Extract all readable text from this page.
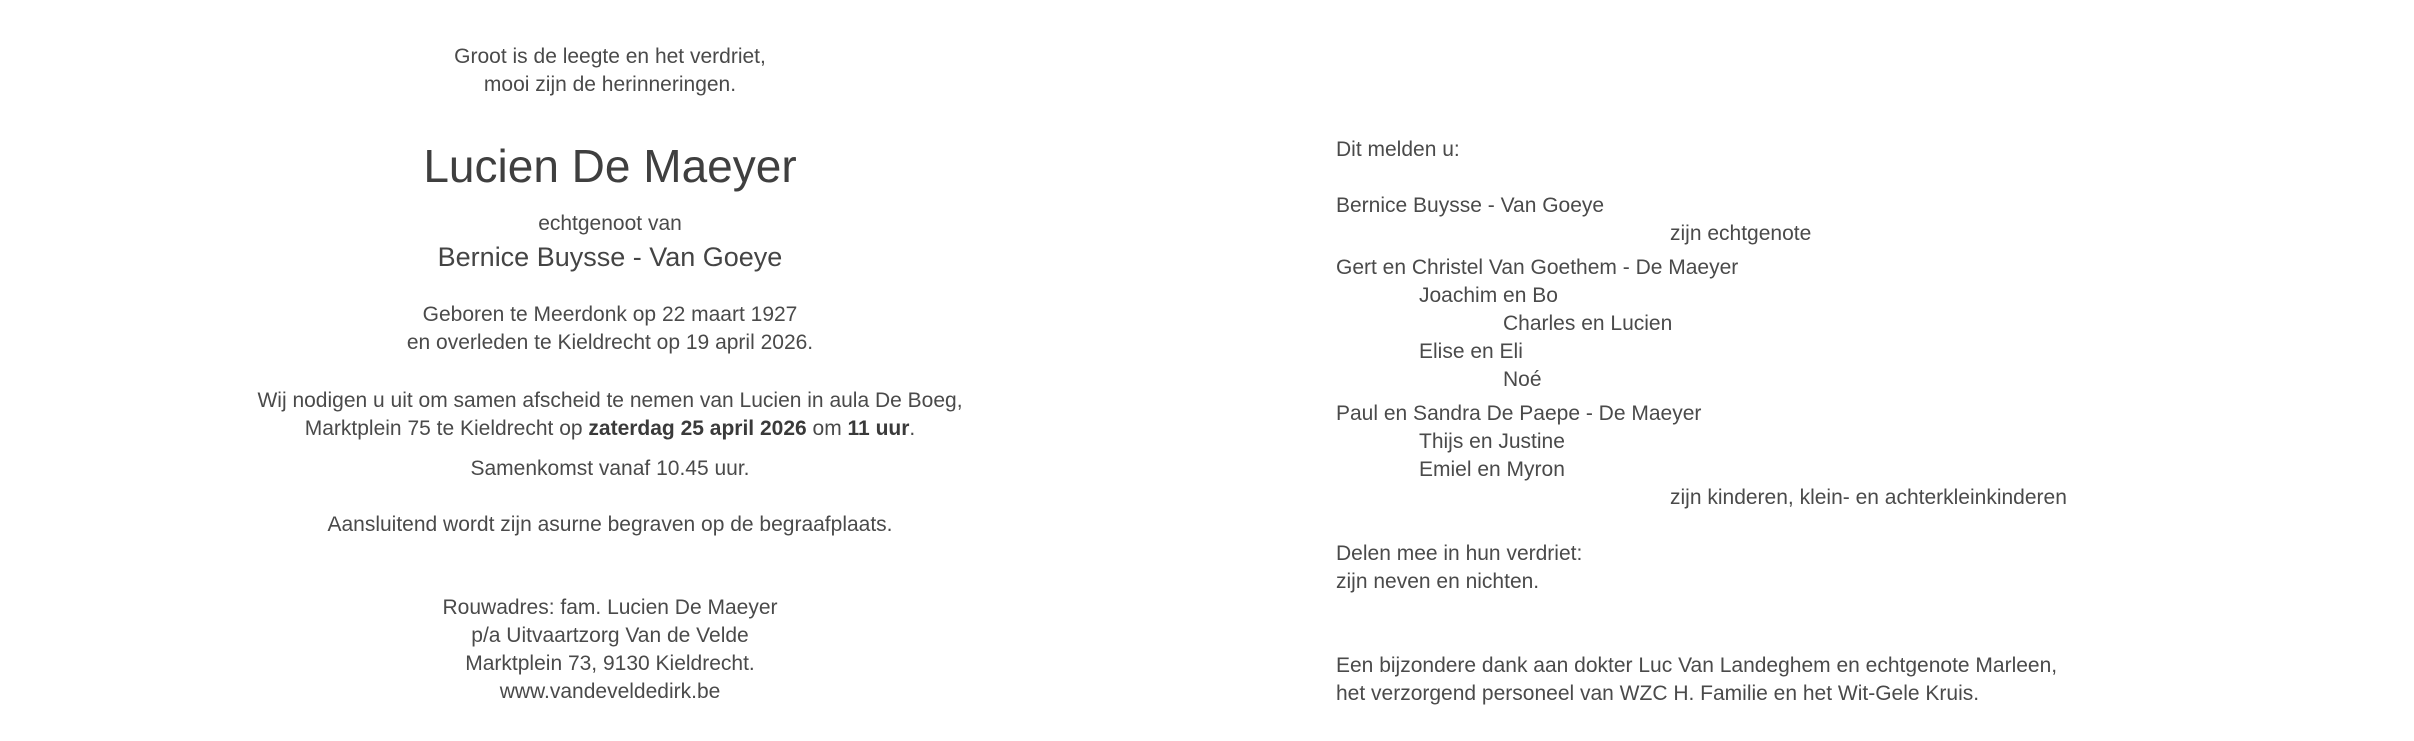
Groot is de leegte en het verdriet,
mooi zijn de herinneringen.
Lucien De Maeyer
echtgenoot van
Bernice Buysse - Van Goeye
Geboren te Meerdonk op 22 maart 1927
en overleden te Kieldrecht op 19 april 2026.
Wij nodigen u uit om samen afscheid te nemen van Lucien in aula De Boeg,
Marktplein 75 te Kieldrecht op zaterdag 25 april 2026 om 11 uur.
Samenkomst vanaf 10.45 uur.
Aansluitend wordt zijn asurne begraven op de begraafplaats.
Rouwadres: fam. Lucien De Maeyer
p/a Uitvaartzorg Van de Velde
Marktplein 73, 9130 Kieldrecht.
www.vandeveldedirk.be
Dit melden u:
Bernice Buysse - Van Goeye
zijn echtgenote
Gert en Christel Van Goethem - De Maeyer
Joachim en Bo
Charles en Lucien
Elise en Eli
Noé
Paul en Sandra De Paepe - De Maeyer
Thijs en Justine
Emiel en Myron
zijn kinderen, klein- en achterkleinkinderen
Delen mee in hun verdriet:
zijn neven en nichten.
Een bijzondere dank aan dokter Luc Van Landeghem en echtgenote Marleen,
het verzorgend personeel van WZC H. Familie en het Wit-Gele Kruis.
